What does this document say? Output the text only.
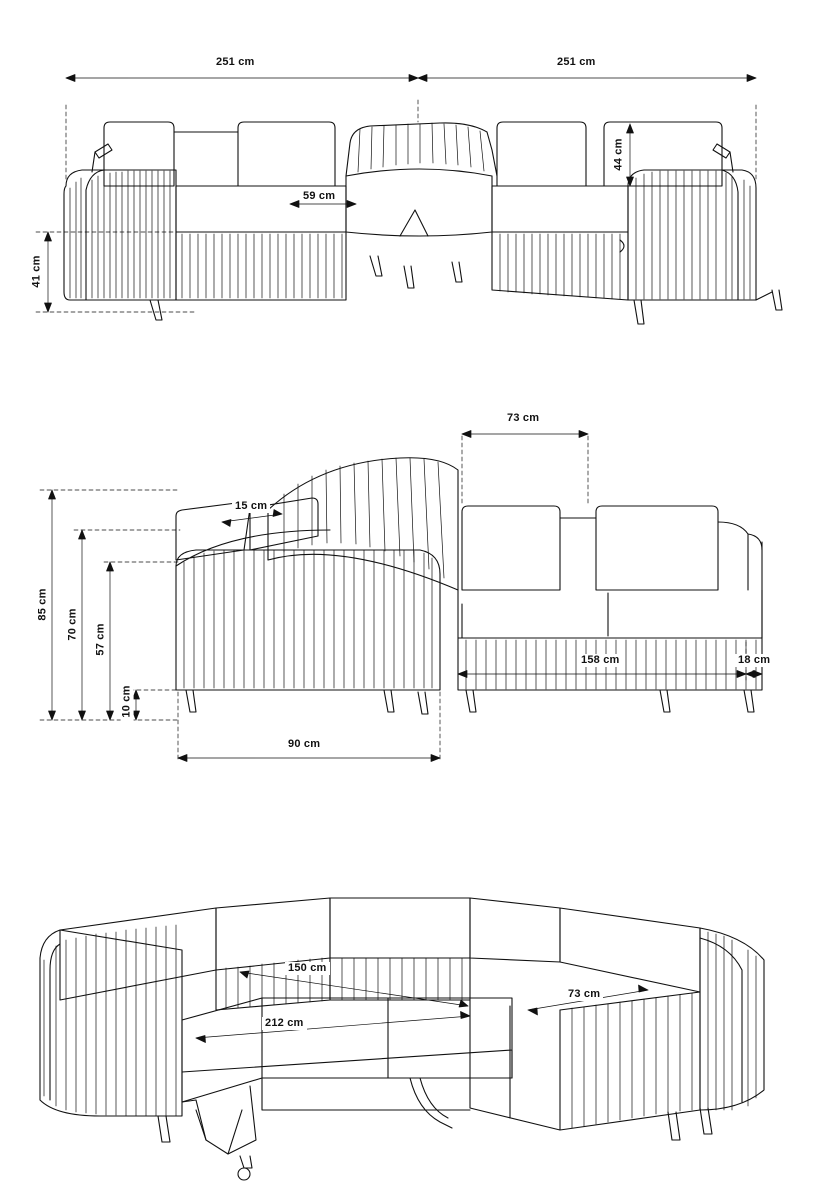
251 cm	251 cm
59 cm
44 cm
41 cm
73 cm
15 cm
85 cm
70 cm 57 cm
10 cm
90 cm
158 cm	18 cm
150 cm
212 cm
73 cm
